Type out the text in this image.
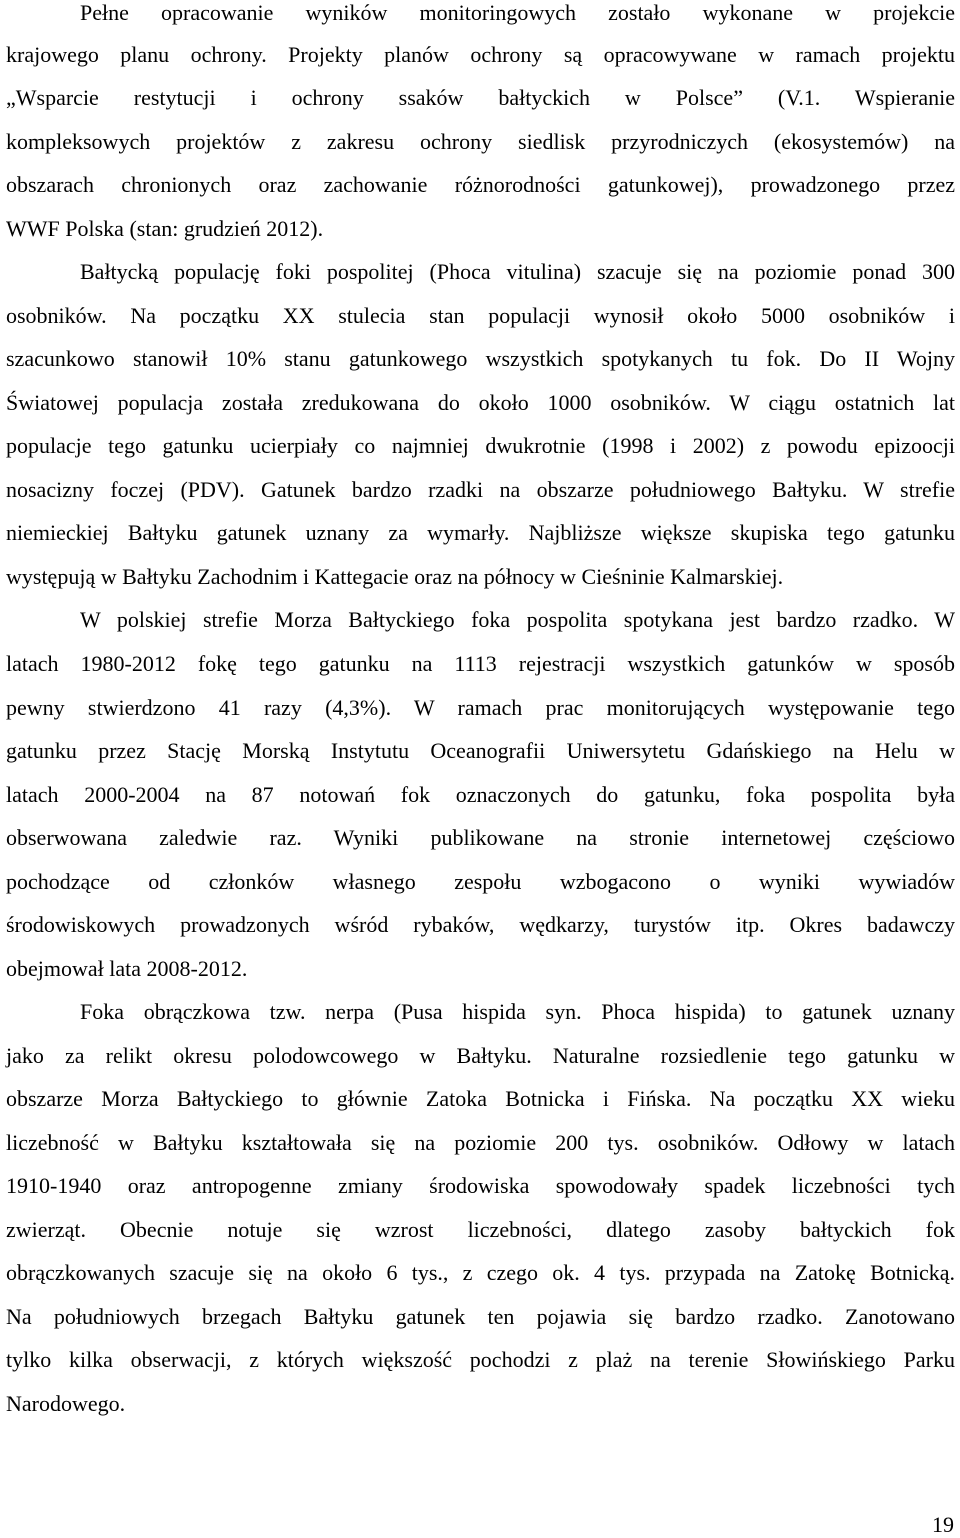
Pełne opracowanie wyników monitoringowych zostało wykonane w projekcie
krajowego planu ochrony. Projekty planów ochrony są opracowywane w ramach projektu
„Wsparcie restytucji i ochrony ssaków bałtyckich w Polsce” (V.1. Wspieranie
kompleksowych projektów z zakresu ochrony siedlisk przyrodniczych (ekosystemów) na
obszarach chronionych oraz zachowanie różnorodności gatunkowej), prowadzonego przez
WWF Polska (stan: grudzień 2012).
Bałtycką populację foki pospolitej (Phoca vitulina) szacuje się na poziomie ponad 300
osobników. Na początku XX stulecia stan populacji wynosił około 5000 osobników i
szacunkowo stanowił 10% stanu gatunkowego wszystkich spotykanych tu fok. Do II Wojny
Światowej populacja została zredukowana do około 1000 osobników. W ciągu ostatnich lat
populacje tego gatunku ucierpiały co najmniej dwukrotnie (1998 i 2002) z powodu epizoocji
nosacizny foczej (PDV). Gatunek bardzo rzadki na obszarze południowego Bałtyku. W strefie
niemieckiej Bałtyku gatunek uznany za wymarły. Najbliższe większe skupiska tego gatunku
występują w Bałtyku Zachodnim i Kattegacie oraz na północy w Cieśninie Kalmarskiej.
W polskiej strefie Morza Bałtyckiego foka pospolita spotykana jest bardzo rzadko. W
latach 1980-2012 fokę tego gatunku na 1113 rejestracji wszystkich gatunków w sposób
pewny stwierdzono 41 razy (4,3%). W ramach prac monitorujących występowanie tego
gatunku przez Stację Morską Instytutu Oceanografii Uniwersytetu Gdańskiego na Helu w
latach 2000-2004 na 87 notowań fok oznaczonych do gatunku, foka pospolita była
obserwowana zaledwie raz. Wyniki publikowane na stronie internetowej częściowo
pochodzące od członków własnego zespołu wzbogacono o wyniki wywiadów
środowiskowych prowadzonych wśród rybaków, wędkarzy, turystów itp. Okres badawczy
obejmował lata 2008-2012.
Foka obrączkowa tzw. nerpa (Pusa hispida syn. Phoca hispida) to gatunek uznany
jako za relikt okresu polodowcowego w Bałtyku. Naturalne rozsiedlenie tego gatunku w
obszarze Morza Bałtyckiego to głównie Zatoka Botnicka i Fińska. Na początku XX wieku
liczebność w Bałtyku kształtowała się na poziomie 200 tys. osobników. Odłowy w latach
1910-1940 oraz antropogenne zmiany środowiska spowodowały spadek liczebności tych
zwierząt. Obecnie notuje się wzrost liczebności, dlatego zasoby bałtyckich fok
obrączkowanych szacuje się na około 6 tys., z czego ok. 4 tys. przypada na Zatokę Botnicką.
Na południowych brzegach Bałtyku gatunek ten pojawia się bardzo rzadko. Zanotowano
tylko kilka obserwacji, z których większość pochodzi z plaż na terenie Słowińskiego Parku
Narodowego.
19
